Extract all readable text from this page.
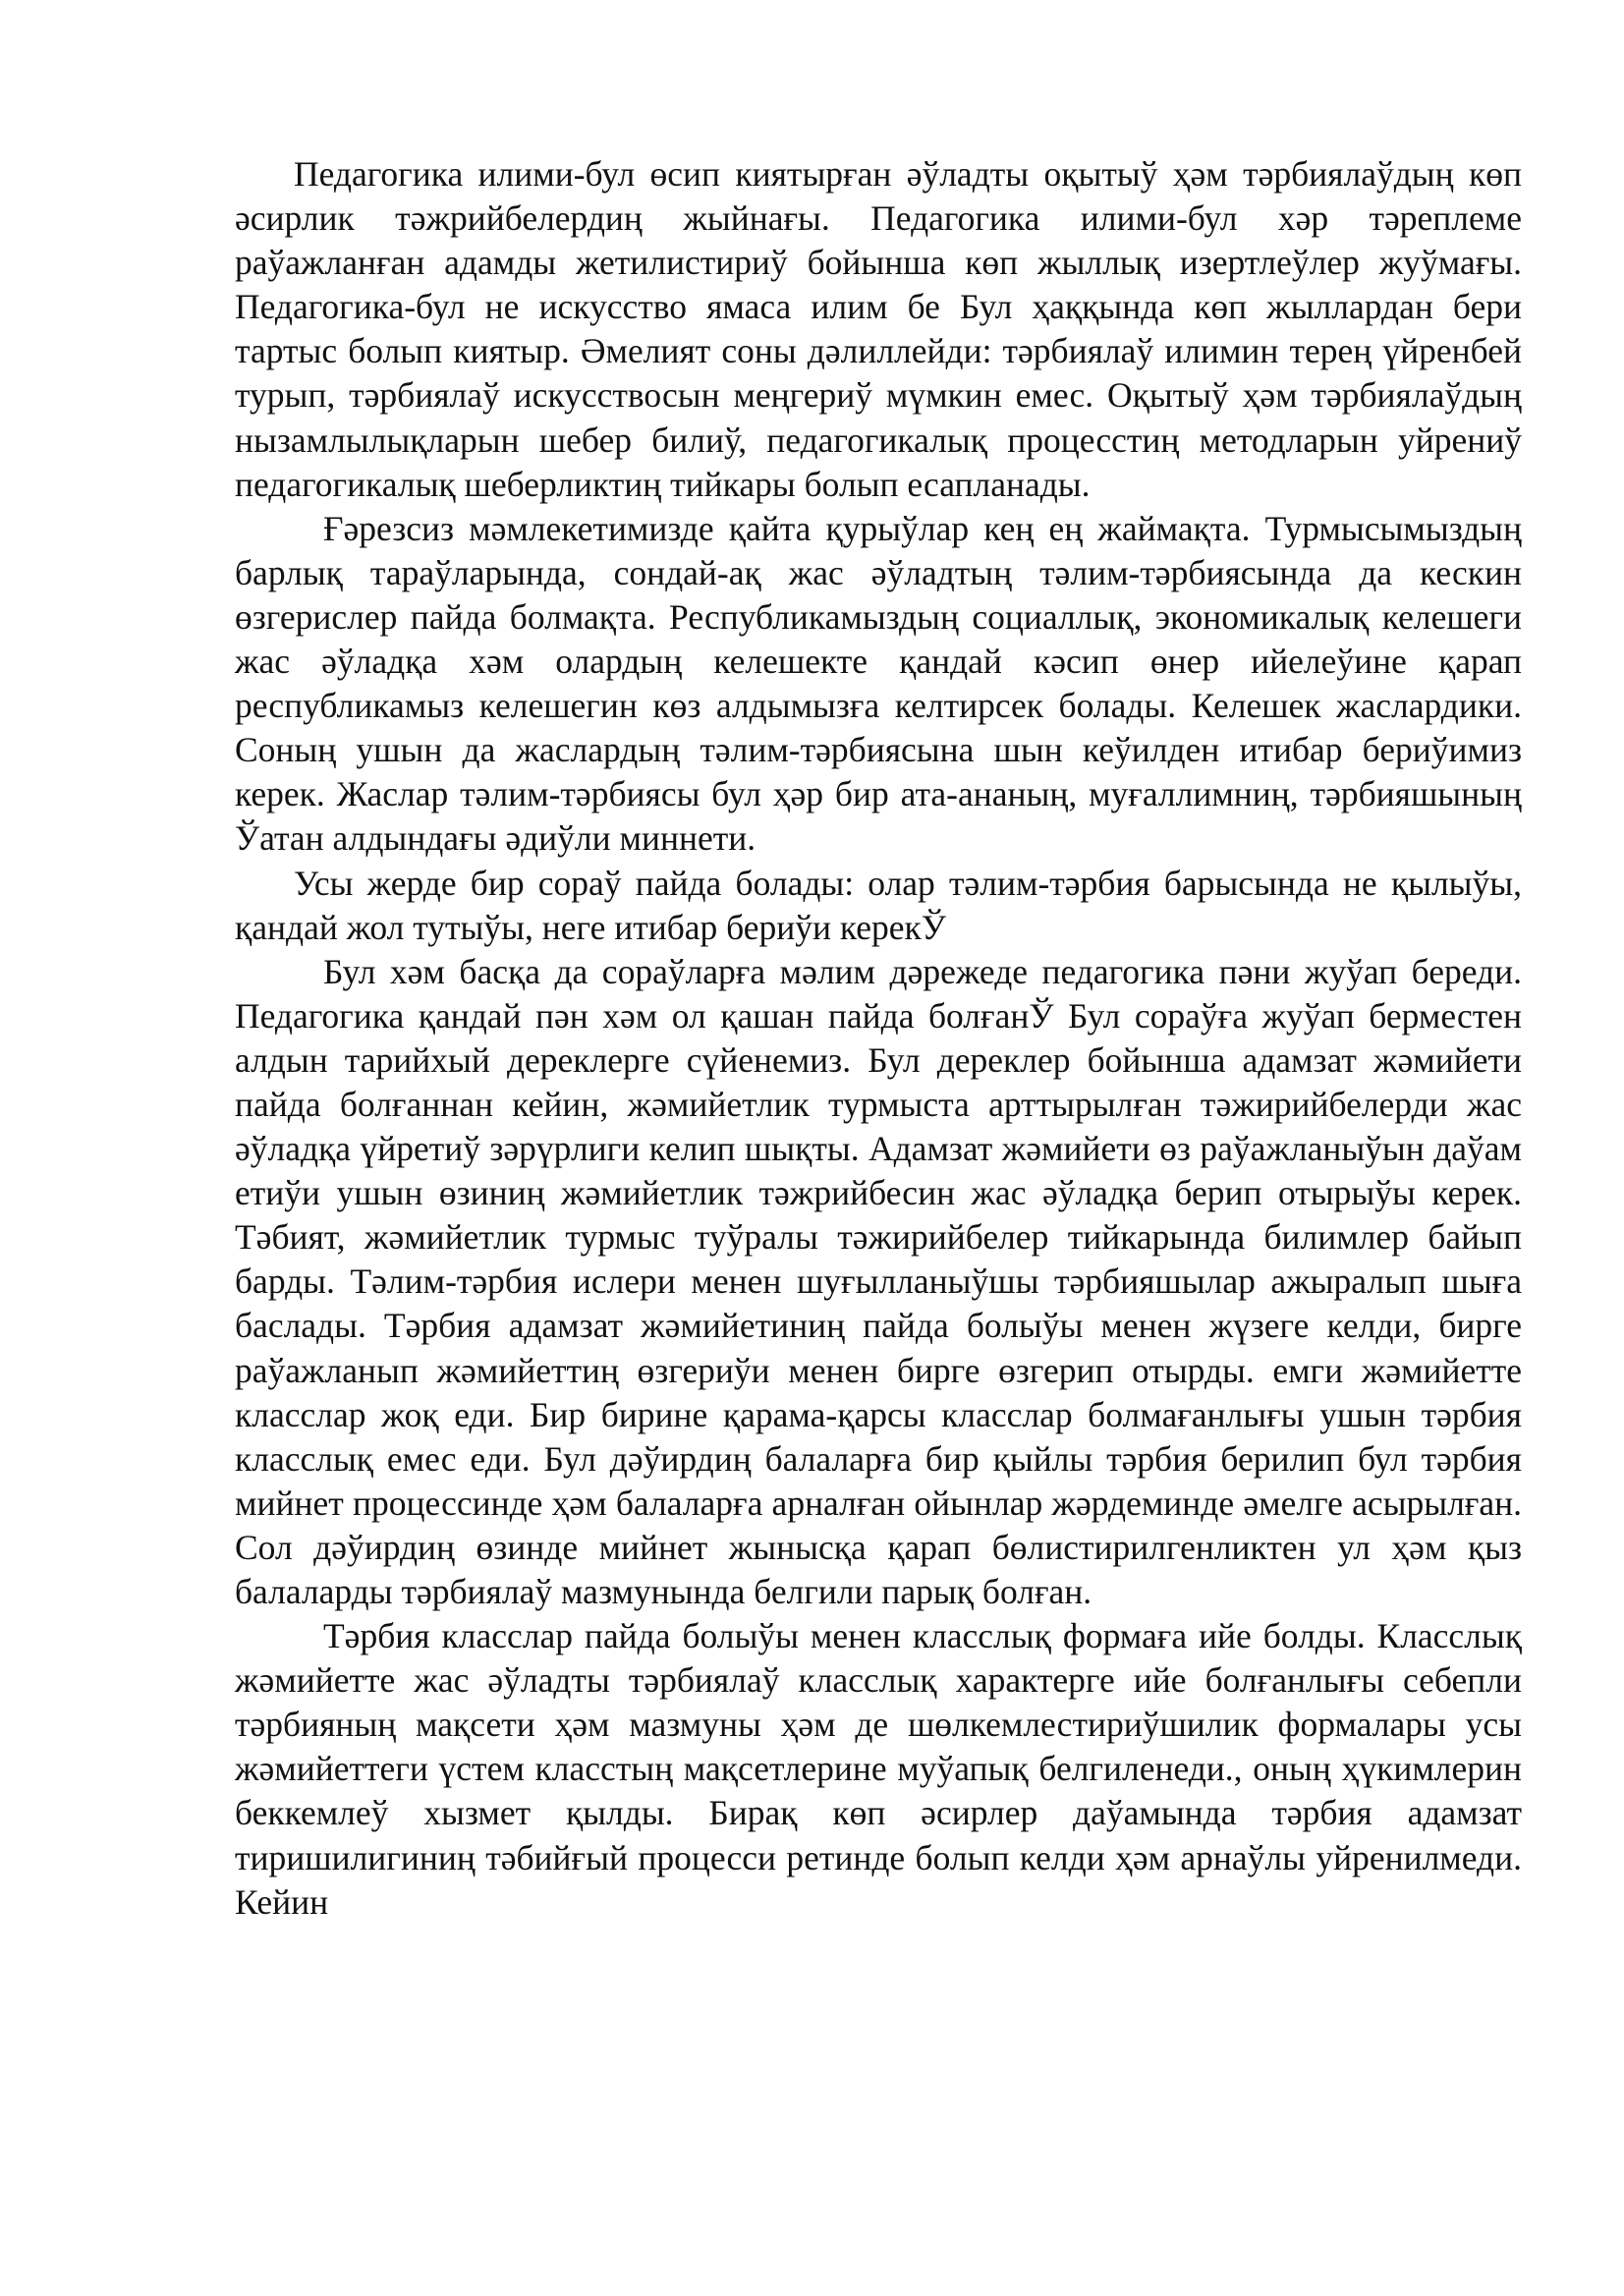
Педагогика илими-бул өсип киятырған әўладты оқытыў ҳәм тәрбиялаўдың көп әсирлик тәжрийбелердиң жыйнағы. Педагогика илими-бул хәр тәреплеме раўажланған адамды жетилистириў бойынша көп жыллық изертлеўлер жуўмағы. Педагогика-бул не искусство ямаса илим бе Бул ҳаққында көп жыллардан бери тартыс болып киятыр. Әмелият соны дәлиллейди: тәрбиялаў илимин терең үйренбей турып, тәрбиялаў искусствосын меңгериў мүмкин емес. Оқытыў ҳәм тәрбиялаўдың нызамлылықларын шебер билиў, педагогикалық процесстиң методларын уйрениў педагогикалық шеберликтиң тийкары болып есапланады.

Ғәрезсиз мәмлекетимизде қайта қурыўлар кең ең жаймақта. Турмысымыздың барлық тараўларында, сондай-ақ жас әўладтың тәлим-тәрбиясында да кескин өзгерислер пайда болмақта. Республикамыздың социаллық, экономикалық келешеги жас әўладқа хәм олардың келешекте қандай кәсип өнер ийелеўине қарап республикамыз келешегин көз алдымызға келтирсек болады. Келешек жаслардики. Соның ушын да жаслардың тәлим-тәрбиясына шын кеўилден итибар бериўимиз керек. Жаслар тәлим-тәрбиясы бул ҳәр бир ата-ананың, муғаллимниң, тәрбияшының Ўатан алдындағы әдиўли миннети.

Усы жерде бир сораў пайда болады: олар тәлим-тәрбия барысында не қылыўы, қандай жол тутыўы, неге итибар бериўи керекЎ

Бул хәм басқа да сораўларға мәлим дәрежеде педагогика пәни жуўап береди. Педагогика қандай пән хәм ол қашан пайда болғанЎ Бул сораўға жуўап берместен алдын тарийхый дереклерге сүйенемиз. Бул дереклер бойынша адамзат жәмийети пайда болғаннан кейин, жәмийетлик турмыста арттырылған тәжирийбелерди жас әўладқа үйретиў зәрүрлиги келип шықты. Адамзат жәмийети өз раўажланыўын даўам етиўи ушын өзиниң жәмийетлик тәжрийбесин жас әўладқа берип отырыўы керек. Тәбият, жәмийетлик турмыс туўралы тәжирийбелер тийкарында билимлер байып барды. Тәлим-тәрбия ислери менен шуғылланыўшы тәрбияшылар ажыралып шыға баслады. Тәрбия адамзат жәмийетиниң пайда болыўы менен жүзеге келди, бирге раўажланып жәмийеттиң өзгериўи менен бирге өзгерип отырды. емги жәмийетте класслар жоқ еди. Бир бирине қарама-қарсы класслар болмағанлығы ушын тәрбия класслық емес еди. Бул дәўирдиң балаларға бир қыйлы тәрбия берилип бул тәрбия мийнет процессинде ҳәм балаларға арналған ойынлар жәрдеминде әмелге асырылған. Сол дәўирдиң өзинде мийнет жынысқа қарап бөлистирилгенликтен ул ҳәм қыз балаларды тәрбиялаў мазмунында белгили парық болған.

Тәрбия класслар пайда болыўы менен класслық формаға ийе болды. Класслық жәмийетте жас әўладты тәрбиялаў класслық характерге ийе болғанлығы себепли тәрбияның мақсети ҳәм мазмуны ҳәм де шөлкемлестириўшилик формалары усы жәмийеттеги үстем класстың мақсетлерине муўапық белгиленеди., оның ҳүкимлерин беккемлеў хызмет қылды. Бирақ көп әсирлер даўамында тәрбия адамзат тиришилигиниң тәбийғый процесси ретинде болып келди ҳәм арнаўлы уйренилмеди. Кейин
